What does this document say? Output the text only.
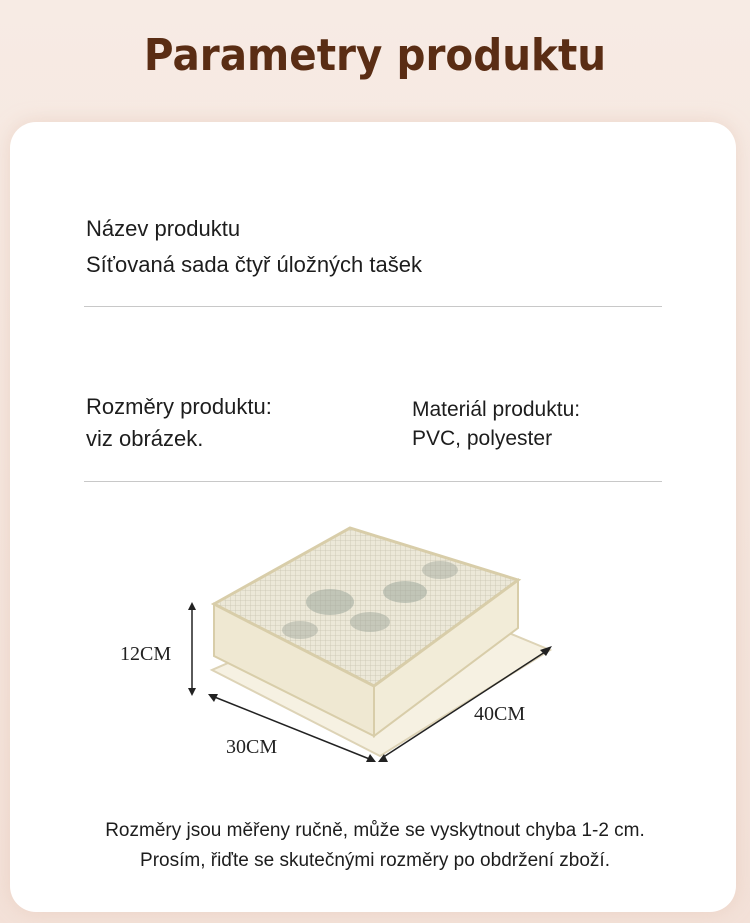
Parametry produktu
Název produktu
Síťovaná sada čtyř úložných tašek
Rozměry produktu:
viz obrázek.
Materiál produktu:
PVC, polyester
12CM
30CM
40CM
Rozměry jsou měřeny ručně, může se vyskytnout chyba 1-2 cm.
Prosím, řiďte se skutečnými rozměry po obdržení zboží.
